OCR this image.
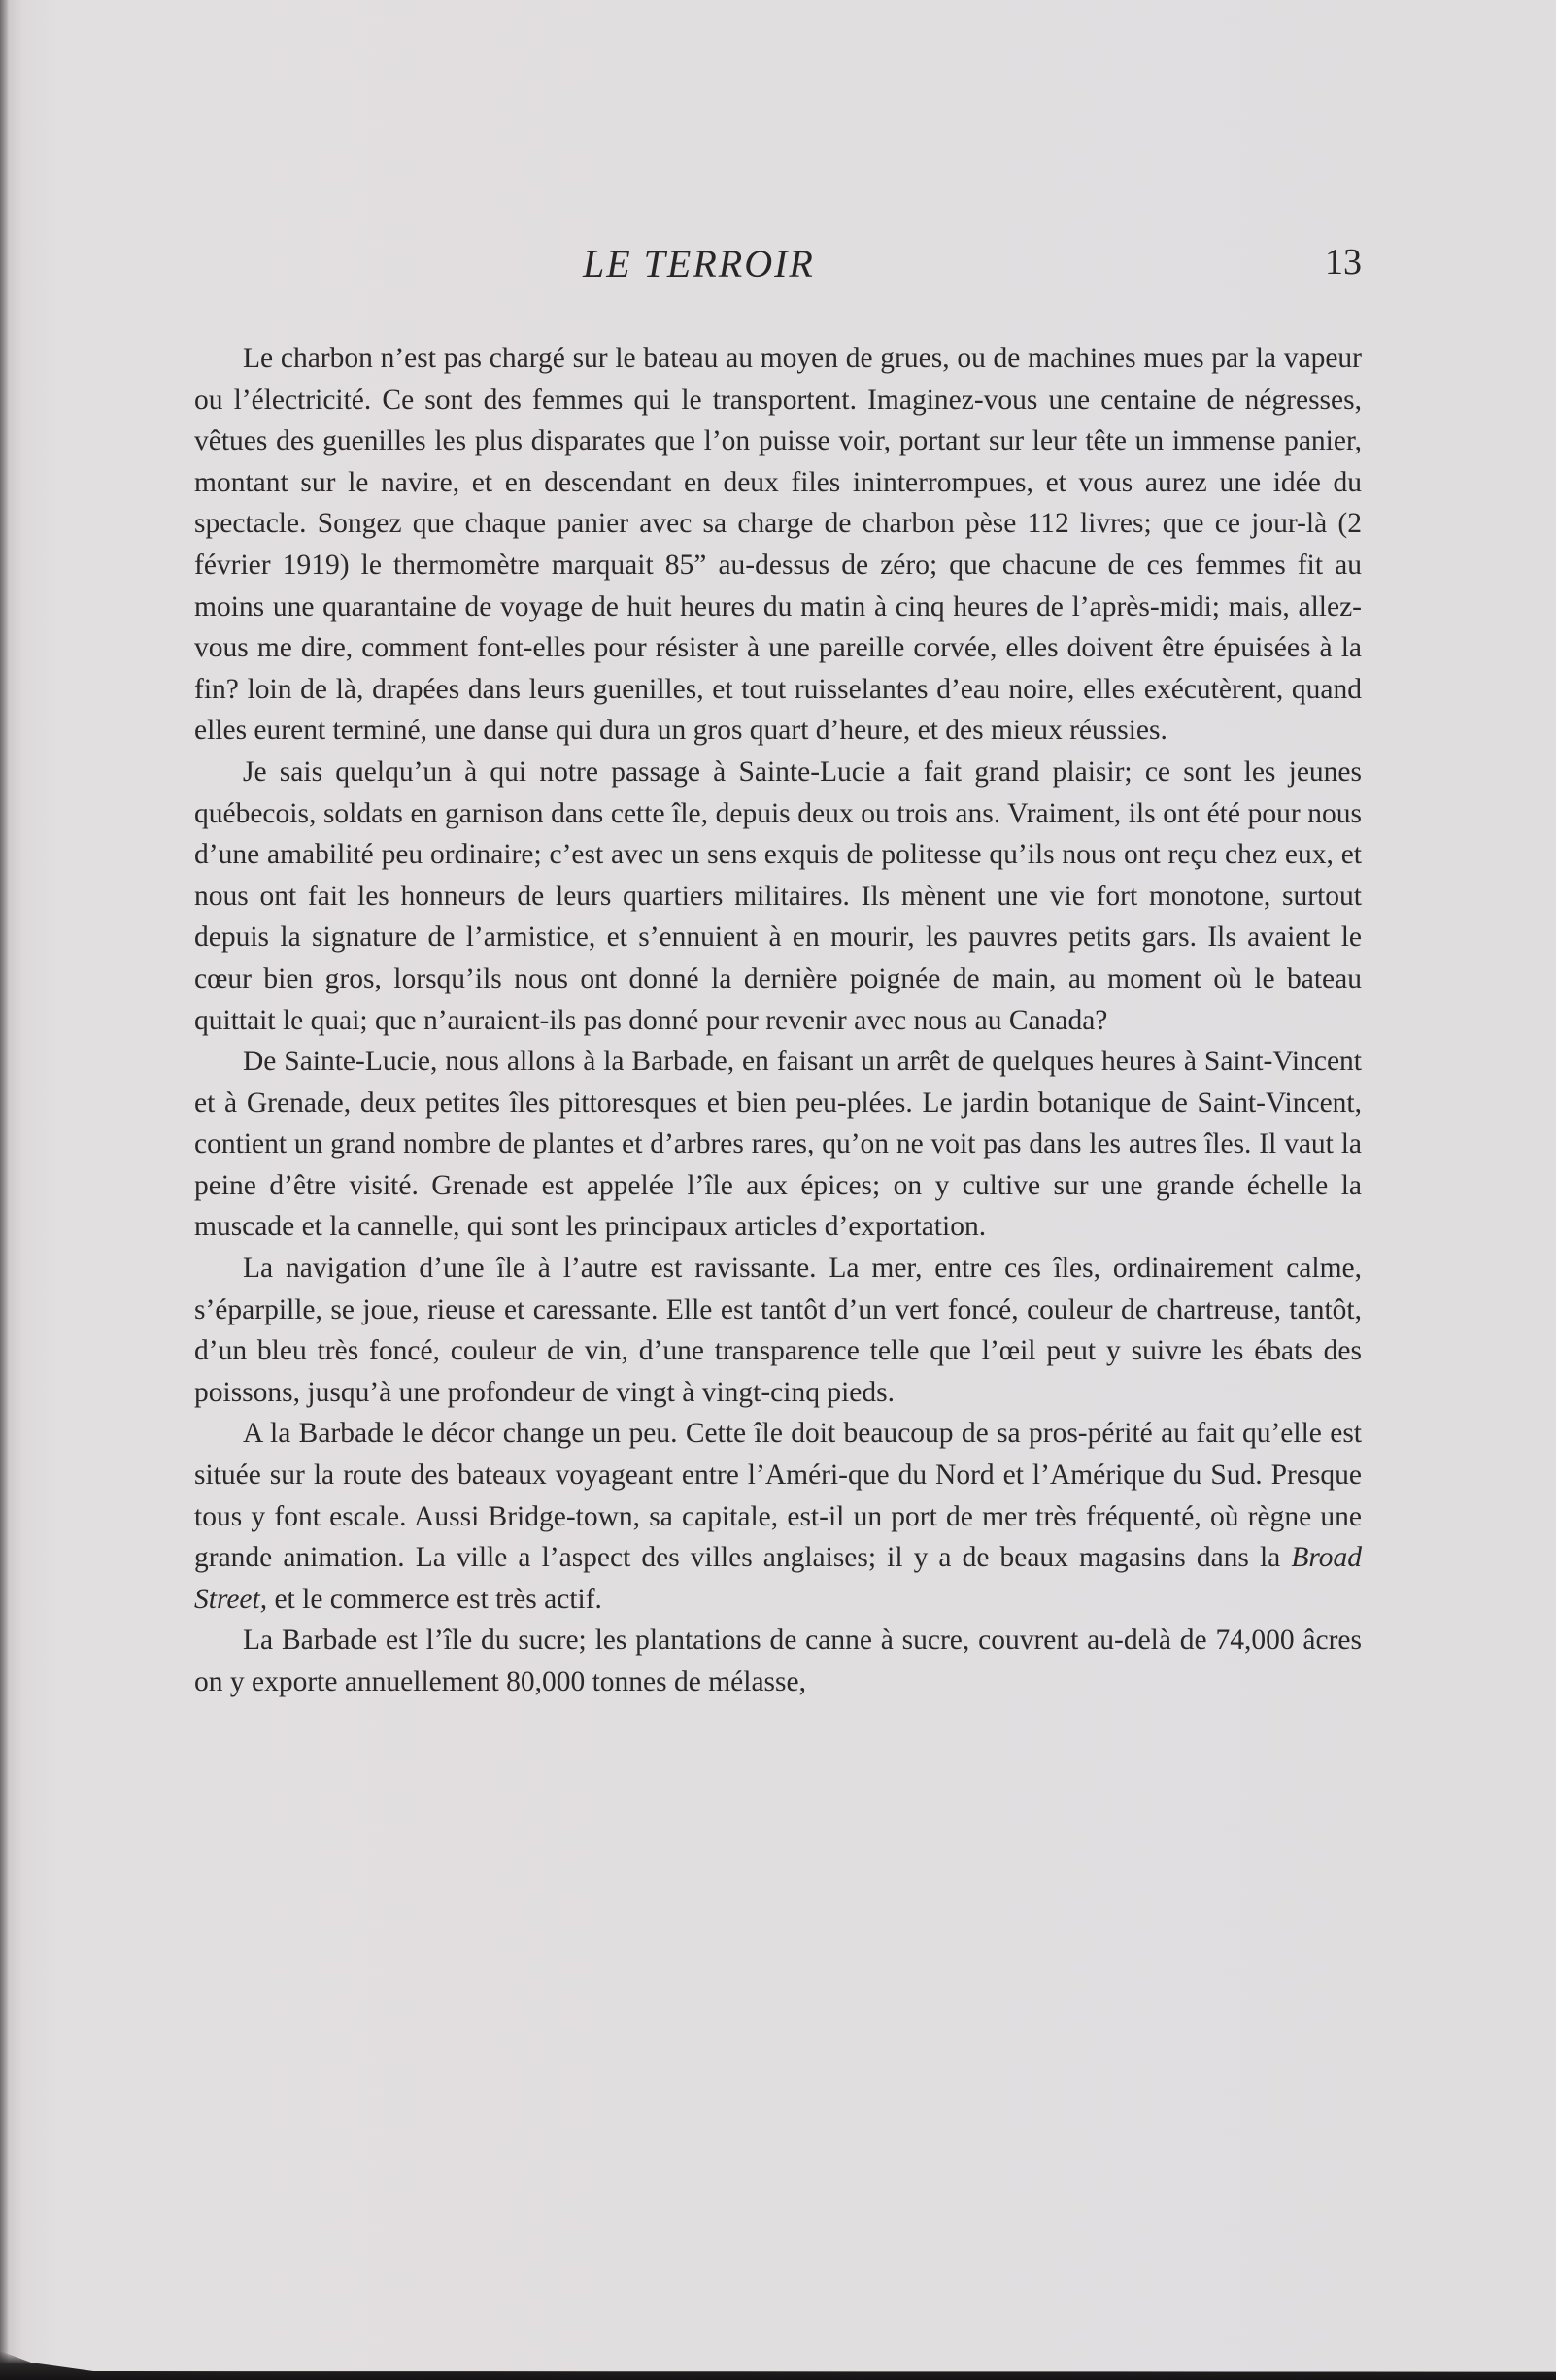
LE TERROIR	13

Le charbon n’est pas chargé sur le bateau au moyen de grues, ou de machines mues par la vapeur ou l’électricité. Ce sont des femmes qui le transportent. Imaginez-vous une centaine de négresses, vêtues des guenilles les plus disparates que l’on puisse voir, portant sur leur tête un immense panier, montant sur le navire, et en descendant en deux files ininterrompues, et vous aurez une idée du spectacle. Songez que chaque panier avec sa charge de charbon pèse 112 livres; que ce jour-là (2 février 1919) le thermomètre marquait 85” au-dessus de zéro; que chacune de ces femmes fit au moins une quarantaine de voyage de huit heures du matin à cinq heures de l’après-midi; mais, allez-vous me dire, comment font-elles pour résister à une pareille corvée, elles doivent être épuisées à la fin? loin de là, drapées dans leurs guenilles, et tout ruisselantes d’eau noire, elles exécutèrent, quand elles eurent terminé, une danse qui dura un gros quart d’heure, et des mieux réussies.

Je sais quelqu’un à qui notre passage à Sainte-Lucie a fait grand plaisir; ce sont les jeunes québecois, soldats en garnison dans cette île, depuis deux ou trois ans. Vraiment, ils ont été pour nous d’une amabilité peu ordinaire; c’est avec un sens exquis de politesse qu’ils nous ont reçu chez eux, et nous ont fait les honneurs de leurs quartiers militaires. Ils mènent une vie fort monotone, surtout depuis la signature de l’armistice, et s’ennuient à en mourir, les pauvres petits gars. Ils avaient le cœur bien gros, lorsqu’ils nous ont donné la dernière poignée de main, au moment où le bateau quittait le quai; que n’auraient-ils pas donné pour revenir avec nous au Canada?

De Sainte-Lucie, nous allons à la Barbade, en faisant un arrêt de quelques heures à Saint-Vincent et à Grenade, deux petites îles pittoresques et bien peu-plées. Le jardin botanique de Saint-Vincent, contient un grand nombre de plantes et d’arbres rares, qu’on ne voit pas dans les autres îles. Il vaut la peine d’être visité. Grenade est appelée l’île aux épices; on y cultive sur une grande échelle la muscade et la cannelle, qui sont les principaux articles d’exportation.

La navigation d’une île à l’autre est ravissante. La mer, entre ces îles, ordinairement calme, s’éparpille, se joue, rieuse et caressante. Elle est tantôt d’un vert foncé, couleur de chartreuse, tantôt, d’un bleu très foncé, couleur de vin, d’une transparence telle que l’œil peut y suivre les ébats des poissons, jusqu’à une profondeur de vingt à vingt-cinq pieds.

A la Barbade le décor change un peu. Cette île doit beaucoup de sa pros-périté au fait qu’elle est située sur la route des bateaux voyageant entre l’Améri-que du Nord et l’Amérique du Sud. Presque tous y font escale. Aussi Bridge-town, sa capitale, est-il un port de mer très fréquenté, où règne une grande animation. La ville a l’aspect des villes anglaises; il y a de beaux magasins dans la Broad Street, et le commerce est très actif.

La Barbade est l’île du sucre; les plantations de canne à sucre, couvrent au-delà de 74,000 âcres on y exporte annuellement 80,000 tonnes de mélasse,
